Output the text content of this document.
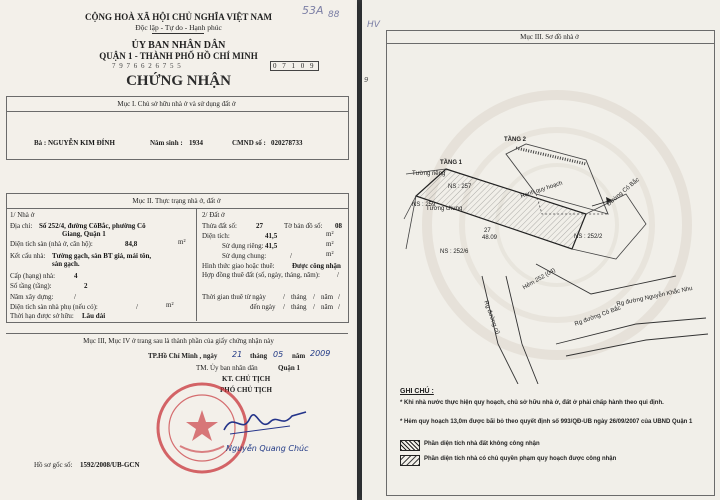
53A 88
CỘNG HOÀ XÃ HỘI CHỦ NGHĨA VIỆT NAM
Độc lập - Tự do - Hạnh phúc
ỦY BAN NHÂN DÂN
QUẬN 1 - THÀNH PHỐ HỒ CHÍ MINH
7 9 7 6 6 2 6 7 5 5	0 7 1 0 9
CHỨNG NHẬN
Mục I. Chủ sở hữu nhà ở và sử dụng đất ở
Bà : NGUYỄN KIM ĐÍNH	Năm sinh : 1934	CMND số : 020278733
Mục II. Thực trạng nhà ở, đất ở
1/ Nhà ở
Địa chỉ: Số 252/4, đường CôBắc, phường Cô
Giang, Quận 1
Diện tích sàn (nhà ở, căn hộ):	84,8	m²
Kết cấu nhà: Tường gạch, sàn BT giả, mái tôn,
sàn gạch.
Cấp (hạng) nhà:	4
Số tầng (tầng):	2
Năm xây dựng:	/
Diện tích sàn nhà phụ (nếu có):	/	m²
Thời hạn được sở hữu: Lâu dài
2/ Đất ở
Thửa đất số:	27	Tờ bản đồ số: 08
Diện tích:	41,5	m²
Sử dụng riêng: 41,5	m²
Sử dụng chung:	/	m²
Hình thức giao hoặc thuê: Được công nhận
Hợp đồng thuê đất (số, ngày, tháng, năm): /
Thời gian thuê từ ngày / tháng / năm /
đến ngày / tháng / năm /
Mục III, Mục IV ở trang sau là thành phần của giấy chứng nhận này
TP.Hồ Chí Minh , ngày 21 tháng 05 năm 2009
TM. Ủy ban nhân dân	Quận 1
KT. CHỦ TỊCH
PHÓ CHỦ TỊCH
Nguyễn Quang Chúc
Hồ sơ gốc số: 1592/2008/UB-GCN
HV
9
Mục III. Sơ đồ nhà ở
TẦNG 2
TẦNG 1
NS : 257
NS : 259
NS : 252/6
NS : 252/2
27
48.09
Tường riêng
Tường chung
Ranh quy hoạch	Đường Cô Bắc
Rg đường Cô Bắc
Rg đường Nguyễn Khắc Nhu
Hẻm 252 (04)
Rg đường cũ
GHI CHÚ :
* Khi nhà nước thực hiện quy hoạch, chủ sở hữu nhà ở, đất ở phải chấp hành theo qui định.
* Hẻm quy hoạch 13,0m được bãi bỏ theo quyết định số 993/QĐ-UB ngày 26/09/2007 của UBND Quận 1
Phần diện tích nhà đất không công nhận
Phần diện tích nhà có chủ quyền phạm quy hoạch được công nhận
